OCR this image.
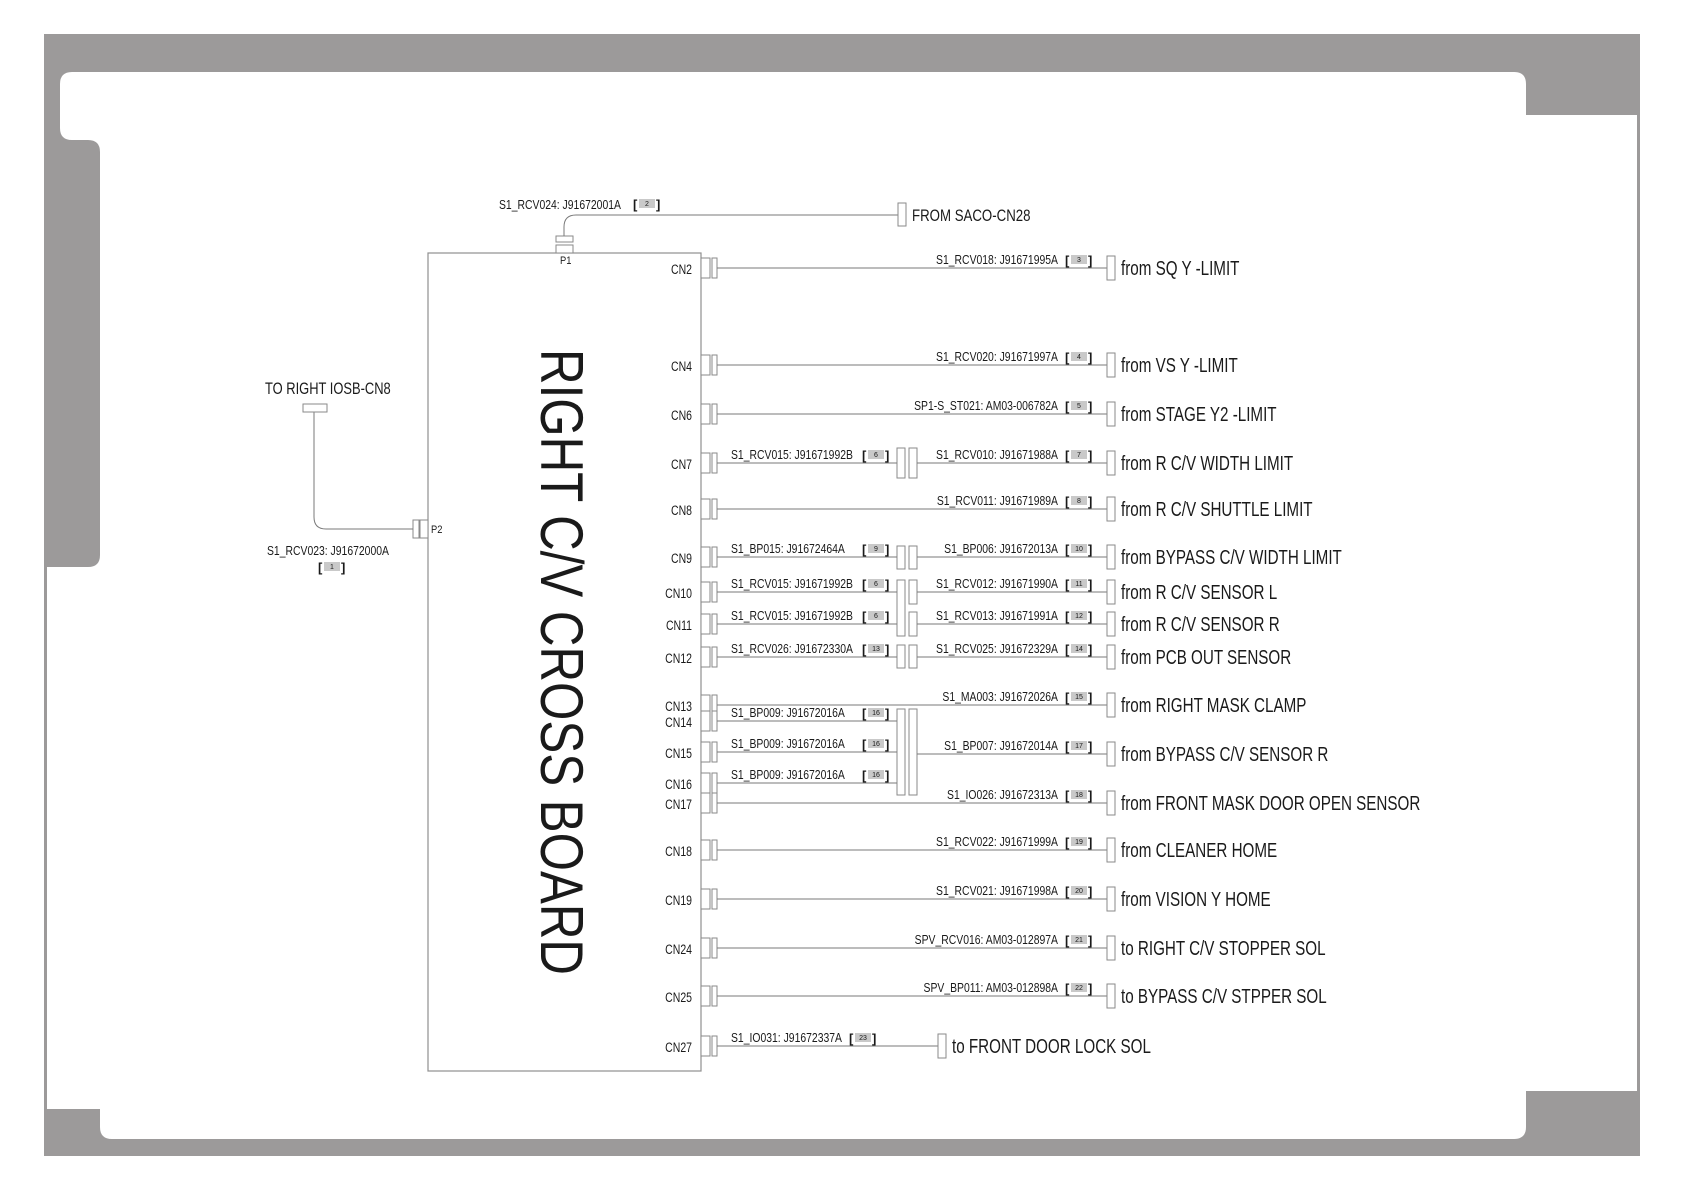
RIGHT C/V CROSS BOARD
P1
S1_RCV024: J91672001A [ 2 ]
FROM SACO-CN28
P2
TO RIGHT IOSB-CN8
S1_RCV023: J91672000A
[ 1 ]
CN2
S1_RCV018: J91671995A [ 3 ] from SQ Y -LIMIT
CN4
S1_RCV020: J91671997A [ 4 ] from VS Y -LIMIT
CN6
SP1-S_ST021: AM03-006782A [ 5 ] from STAGE Y2 -LIMIT
CN7
S1_RCV015: J91671992B [ 6 ]	S1_RCV010: J91671988A [ 7 ] from R C/V WIDTH LIMIT
CN8
S1_RCV011: J91671989A [ 8 ] from R C/V SHUTTLE LIMIT
CN9
S1_BP015: J91672464A [ 9 ]	S1_BP006: J91672013A [ 10 ] from BYPASS C/V WIDTH LIMIT
CN10
S1_RCV015: J91671992B [ 6 ]	S1_RCV012: J91671990A [ 11 ] from R C/V SENSOR L
CN11
S1_RCV015: J91671992B [ 6 ]	S1_RCV013: J91671991A [ 12 ] from R C/V SENSOR R
CN12
S1_RCV026: J91672330A [ 13 ]	S1_RCV025: J91672329A [ 14 ] from PCB OUT SENSOR
CN13
S1_MA003: J91672026A [ 15 ] from RIGHT MASK CLAMP
CN14
S1_BP009: J91672016A [ 16 ]
CN15
S1_BP009: J91672016A [ 16 ]	S1_BP007: J91672014A [ 17 ] from BYPASS C/V SENSOR R
CN16
S1_BP009: J91672016A [ 16 ]
CN17
S1_IO026: J91672313A [ 18 ] from FRONT MASK DOOR OPEN SENSOR
CN18
S1_RCV022: J91671999A [ 19 ] from CLEANER HOME
CN19
S1_RCV021: J91671998A [ 20 ] from VISION Y HOME
CN24
SPV_RCV016: AM03-012897A [ 21 ] to RIGHT C/V STOPPER SOL
CN25
SPV_BP011: AM03-012898A [ 22 ] to BYPASS C/V STPPER SOL
CN27
S1_IO031: J91672337A [ 23 ]	to FRONT DOOR LOCK SOL
